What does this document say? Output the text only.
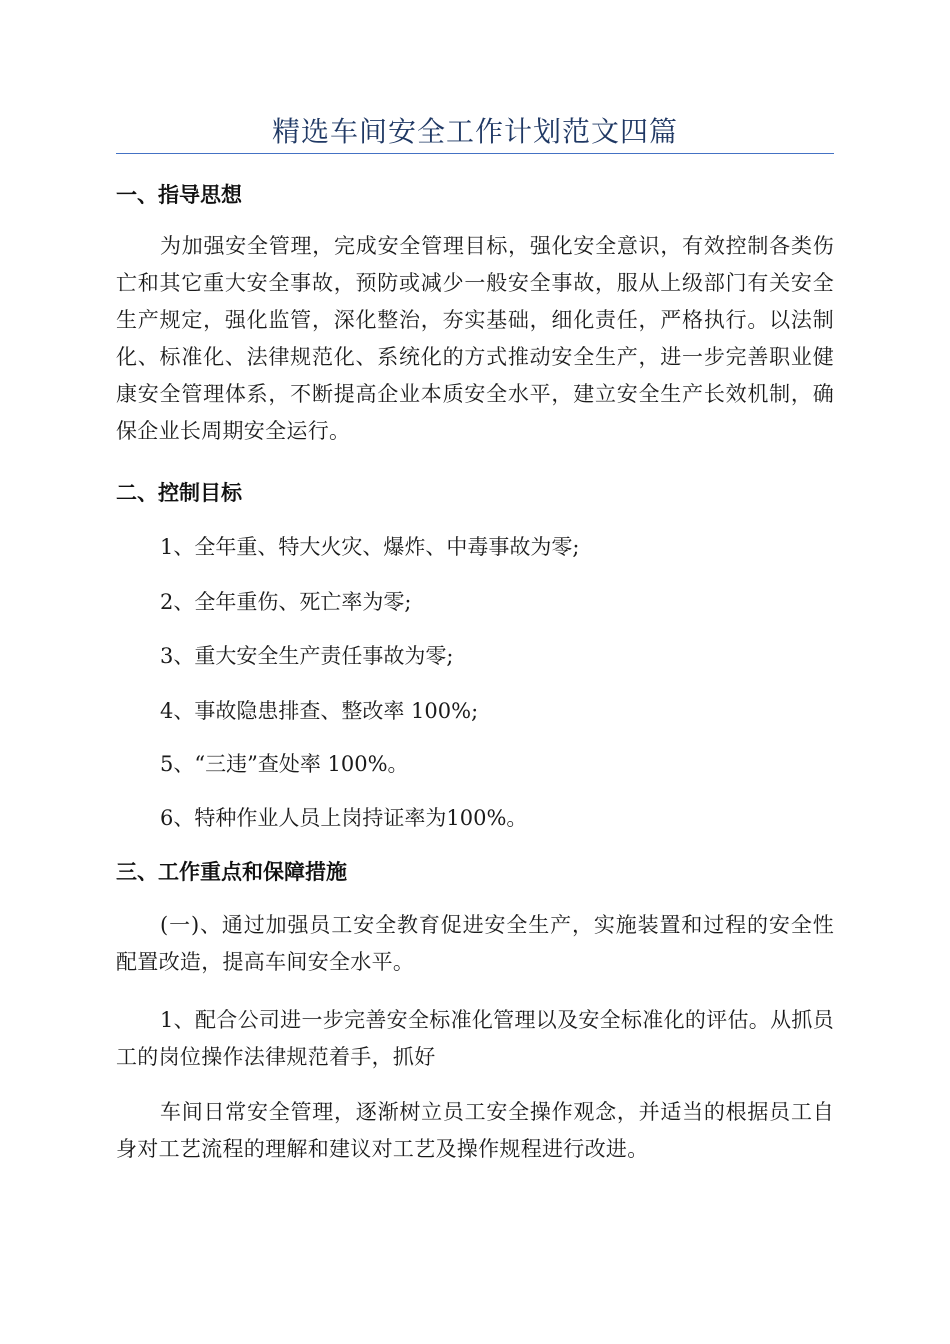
精选车间安全工作计划范文四篇
一、指导思想
为加强安全管理，完成安全管理目标，强化安全意识，有效控制各类伤亡和其它重大安全事故，预防或减少一般安全事故，服从上级部门有关安全生产规定，强化监管，深化整治，夯实基础，细化责任，严格执行。以法制化、标准化、法律规范化、系统化的方式推动安全生产，进一步完善职业健康安全管理体系，不断提高企业本质安全水平，建立安全生产长效机制，确保企业长周期安全运行。
二、控制目标
1、全年重、特大火灾、爆炸、中毒事故为零;
2、全年重伤、死亡率为零;
3、重大安全生产责任事故为零;
4、事故隐患排查、整改率 100%;
5、“三违”查处率 100%。
6、特种作业人员上岗持证率为100%。
三、工作重点和保障措施
(一)、通过加强员工安全教育促进安全生产，实施装置和过程的安全性配置改造，提高车间安全水平。
1、配合公司进一步完善安全标准化管理以及安全标准化的评估。从抓员工的岗位操作法律规范着手，抓好
车间日常安全管理，逐渐树立员工安全操作观念，并适当的根据员工自身对工艺流程的理解和建议对工艺及操作规程进行改进。
